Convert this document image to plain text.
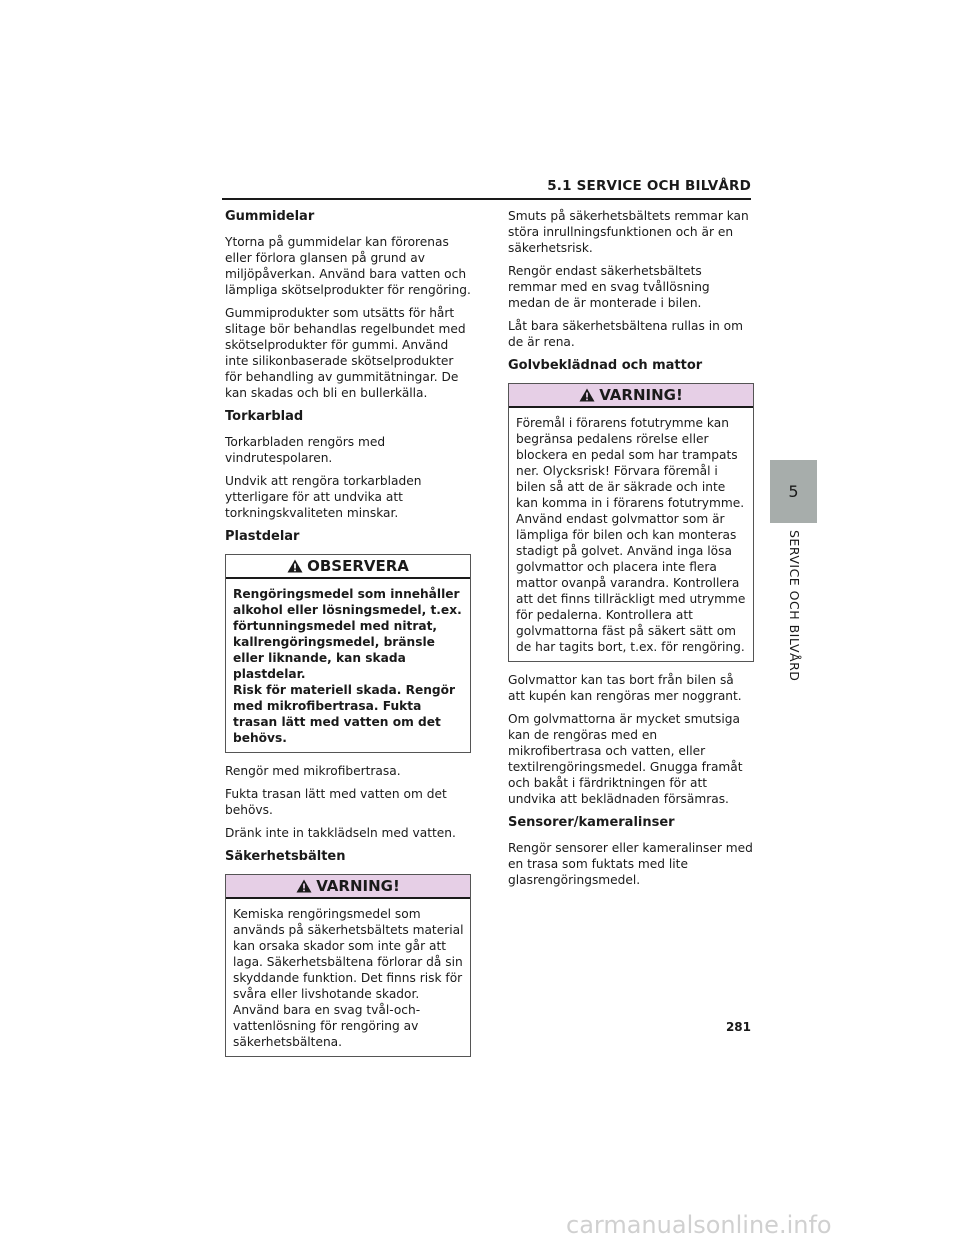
5.1 SERVICE OCH BILVÅRD
Gummidelar

Ytorna på gummidelar kan förorenas eller förlora glansen på grund av miljöpåverkan. Använd bara vatten och lämpliga skötselprodukter för rengöring.

Gummiprodukter som utsätts för hårt slitage bör behandlas regelbundet med skötselprodukter för gummi. Använd inte silikonbaserade skötselprodukter för behandling av gummitätningar. De kan skadas och bli en bullerkälla.

Torkarblad

Torkarbladen rengörs med vindrutespolaren.

Undvik att rengöra torkarbladen ytterligare för att undvika att torkningskvaliteten minskar.

Plastdelar
OBSERVERA

Rengöringsmedel som innehåller alkohol eller lösningsmedel, t.ex. förtunningsmedel med nitrat, kallrengöringsmedel, bränsle eller liknande, kan skada plastdelar.

Risk för materiell skada. Rengör med mikrofibertrasa. Fukta trasan lätt med vatten om det behövs.

Rengör med mikrofibertrasa.

Fukta trasan lätt med vatten om det behövs.

Dränk inte in takklädseln med vatten.

Säkerhetsbälten
VARNING!

Kemiska rengöringsmedel som används på säkerhetsbältets material kan orsaka skador som inte går att laga. Säkerhetsbältena förlorar då sin skyddande funktion. Det finns risk för svåra eller livshotande skador. Använd bara en svag tvål-och-vattenlösning för rengöring av säkerhetsbältena.

Smuts på säkerhetsbältets remmar kan störa inrullningsfunktionen och är en säkerhetsrisk.

Rengör endast säkerhetsbältets remmar med en svag tvållösning medan de är monterade i bilen.

Låt bara säkerhetsbältena rullas in om de är rena.

Golvbeklädnad och mattor
VARNING!

Föremål i förarens fotutrymme kan begränsa pedalens rörelse eller blockera en pedal som har trampats ner. Olycksrisk! Förvara föremål i bilen så att de är säkrade och inte kan komma in i förarens fotutrymme. Använd endast golvmattor som är lämpliga för bilen och kan monteras stadigt på golvet. Använd inga lösa golvmattor och placera inte flera mattor ovanpå varandra. Kontrollera att det finns tillräckligt med utrymme för pedalerna. Kontrollera att golvmattorna fäst på säkert sätt om de har tagits bort, t.ex. för rengöring.

Golvmattor kan tas bort från bilen så att kupén kan rengöras mer noggrant.

Om golvmattorna är mycket smutsiga kan de rengöras med en mikrofibertrasa och vatten, eller textilrengöringsmedel. Gnugga framåt och bakåt i färdriktningen för att undvika att beklädnaden försämras.

Sensorer/kameralinser

Rengör sensorer eller kameralinser med en trasa som fuktats med lite glasrengöringsmedel.

5
SERVICE OCH BILVÅRD
281
carmanualsonline.info
